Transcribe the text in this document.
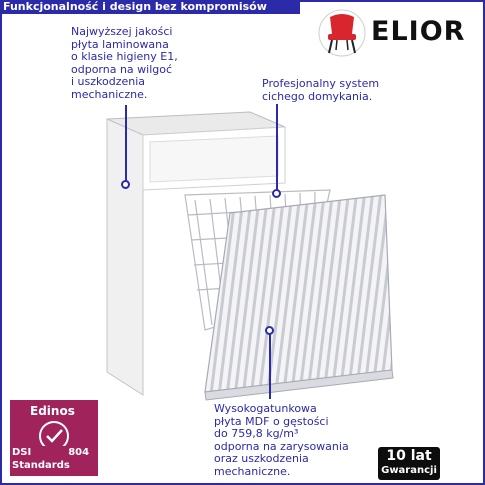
Funkcjonalność i design bez kompromisów
ELIOR
Najwyższej jakości
płyta laminowana
o klasie higieny E1,
odporna na wilgoć
i uszkodzenia
mechaniczne.
Profesjonalny system
cichego domykania.
Wysokogatunkowa
płyta MDF o gęstości
do 759,8 kg/m³
odporna na zarysowania
oraz uszkodzenia
mechaniczne.
Edinos
DSI	804
Standards
10 lat
Gwarancji
